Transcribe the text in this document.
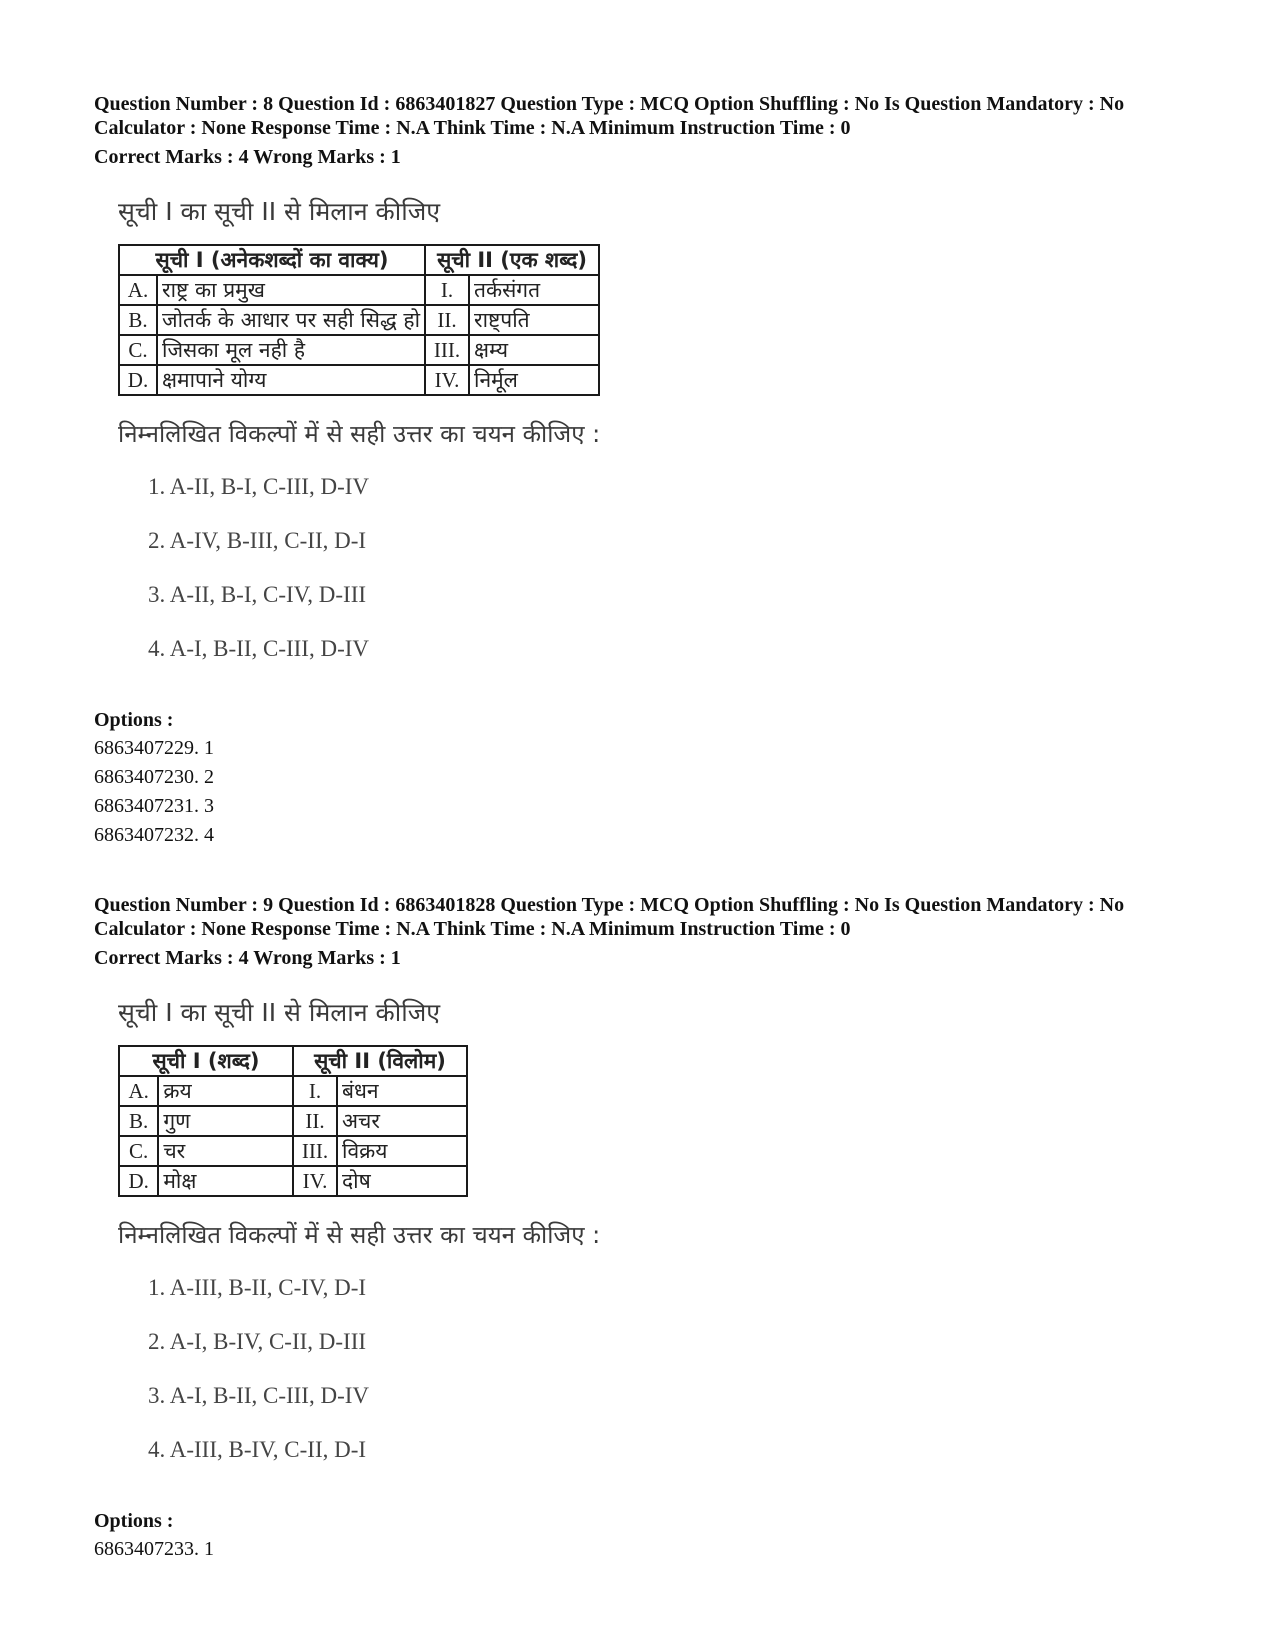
Question Number : 8 Question Id : 6863401827 Question Type : MCQ Option Shuffling : No Is Question Mandatory : No
Calculator : None Response Time : N.A Think Time : N.A Minimum Instruction Time : 0
Correct Marks : 4 Wrong Marks : 1
सूची I का सूची II से मिलान कीजिए
सूची I (अनेकशब्दों का वाक्य)		सूची II (एक शब्द)	
A.	राष्ट्र का प्रमुख	I.	तर्कसंगत
B.	जोतर्क के आधार पर सही सिद्ध हो	II.	राष्ट्पति
C.	जिसका मूल नही है	III.	क्षम्य
D.	क्षमापाने योग्य	IV.	निर्मूल
निम्नलिखित विकल्पों में से सही उत्तर का चयन कीजिए :
1. A-II, B-I, C-III, D-IV
2. A-IV, B-III, C-II, D-I
3. A-II, B-I, C-IV, D-III
4. A-I, B-II, C-III, D-IV
Options :
6863407229. 1
6863407230. 2
6863407231. 3
6863407232. 4
Question Number : 9 Question Id : 6863401828 Question Type : MCQ Option Shuffling : No Is Question Mandatory : No
Calculator : None Response Time : N.A Think Time : N.A Minimum Instruction Time : 0
Correct Marks : 4 Wrong Marks : 1
सूची I का सूची II से मिलान कीजिए
सूची I (शब्द)		सूची II (विलोम)	
A.	क्रय	I.	बंधन
B.	गुण	II.	अचर
C.	चर	III.	विक्रय
D.	मोक्ष	IV.	दोष
निम्नलिखित विकल्पों में से सही उत्तर का चयन कीजिए :
1. A-III, B-II, C-IV, D-I
2. A-I, B-IV, C-II, D-III
3. A-I, B-II, C-III, D-IV
4. A-III, B-IV, C-II, D-I
Options :
6863407233. 1
